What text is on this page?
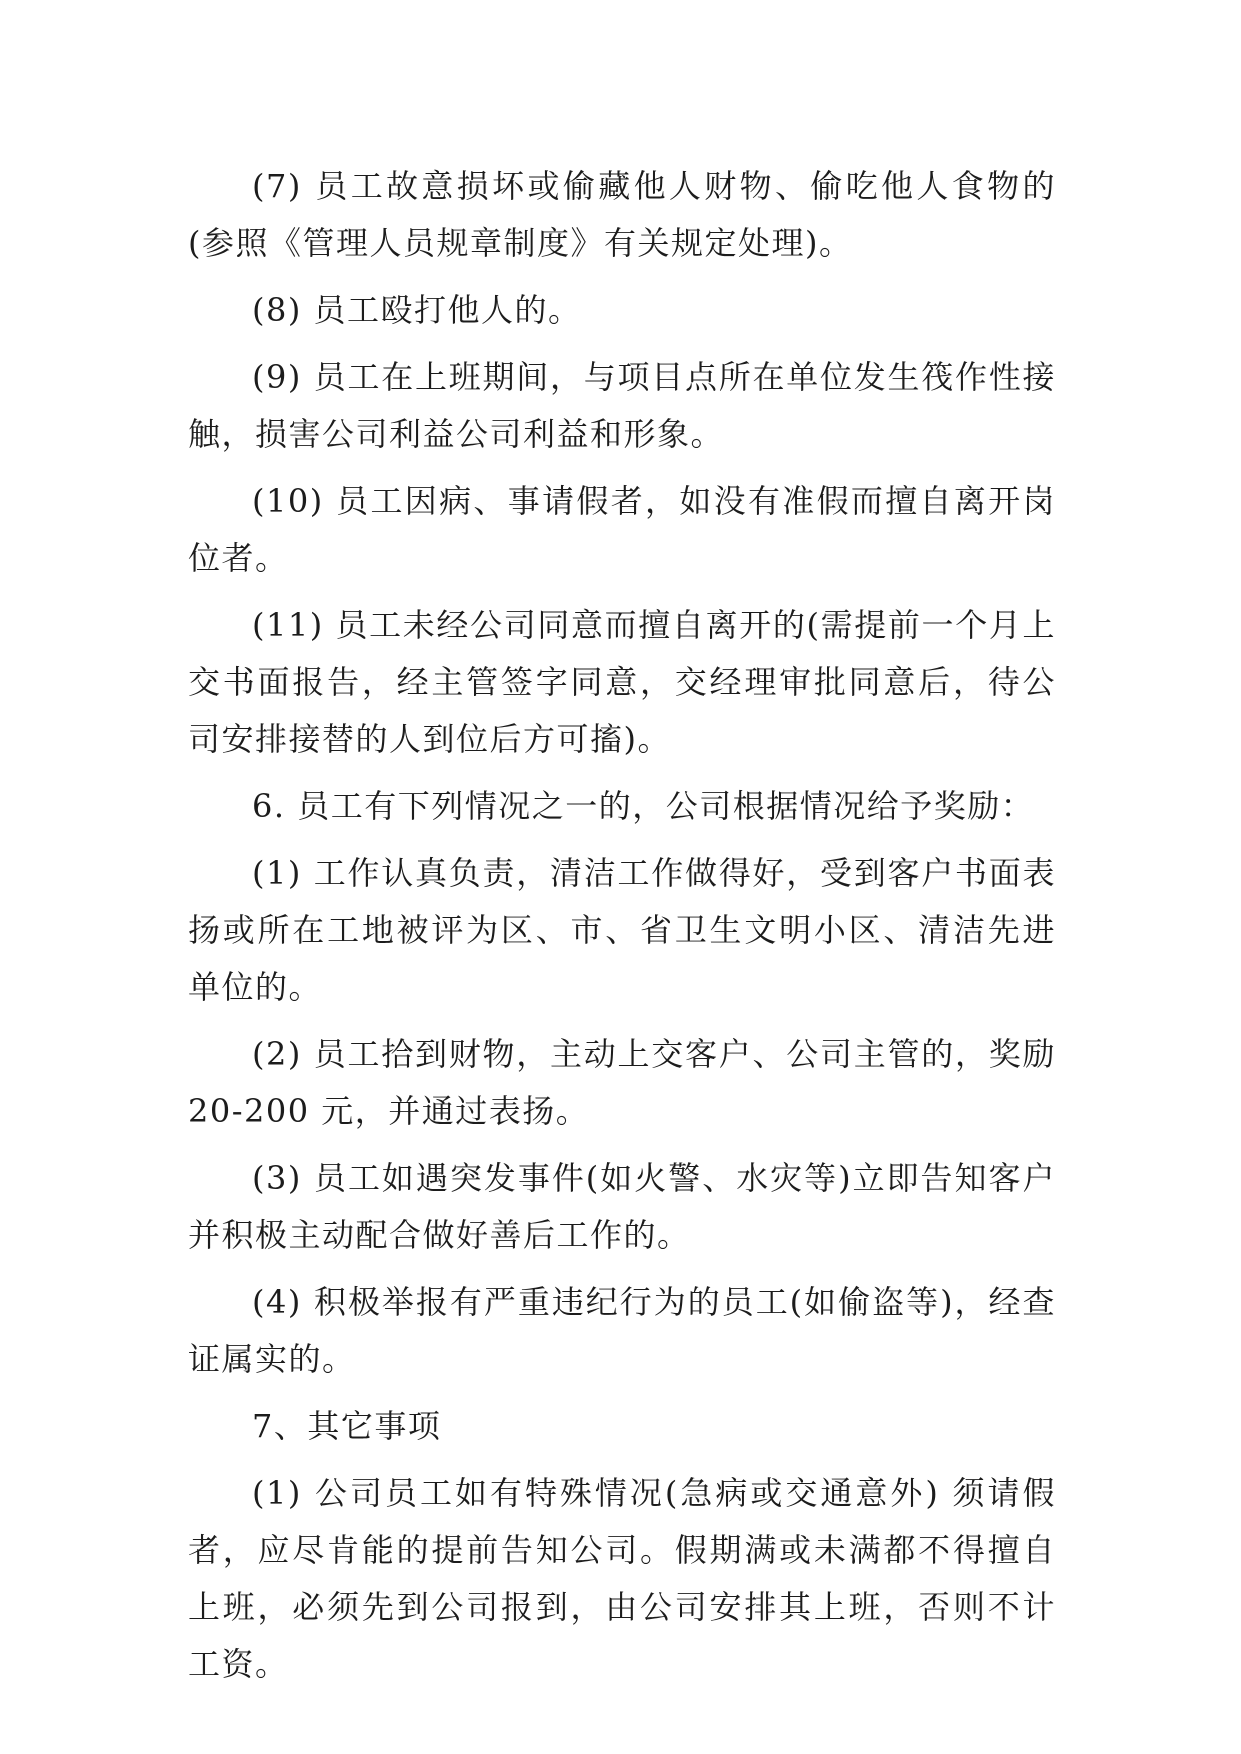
(7) 员工故意损坏或偷藏他人财物、偷吃他人食物的(参照《管理人员规章制度》有关规定处理)。

(8) 员工殴打他人的。

(9) 员工在上班期间，与项目点所在单位发生筏作性接触，损害公司利益公司利益和形象。

(10) 员工因病、事请假者，如没有准假而擅自离开岗位者。

(11) 员工未经公司同意而擅自离开的(需提前一个月上交书面报告，经主管签字同意，交经理审批同意后，待公司安排接替的人到位后方可搐)。

6. 员工有下列情况之一的，公司根据情况给予奖励：

(1) 工作认真负责，清洁工作做得好，受到客户书面表扬或所在工地被评为区、市、省卫生文明小区、清洁先进单位的。

(2) 员工拾到财物，主动上交客户、公司主管的，奖励20-200 元，并通过表扬。

(3) 员工如遇突发事件(如火警、水灾等)立即告知客户并积极主动配合做好善后工作的。

(4) 积极举报有严重违纪行为的员工(如偷盗等)，经查证属实的。

7、其它事项

(1) 公司员工如有特殊情况(急病或交通意外) 须请假者，应尽肯能的提前告知公司。假期满或未满都不得擅自上班，必须先到公司报到，由公司安排其上班，否则不计工资。
